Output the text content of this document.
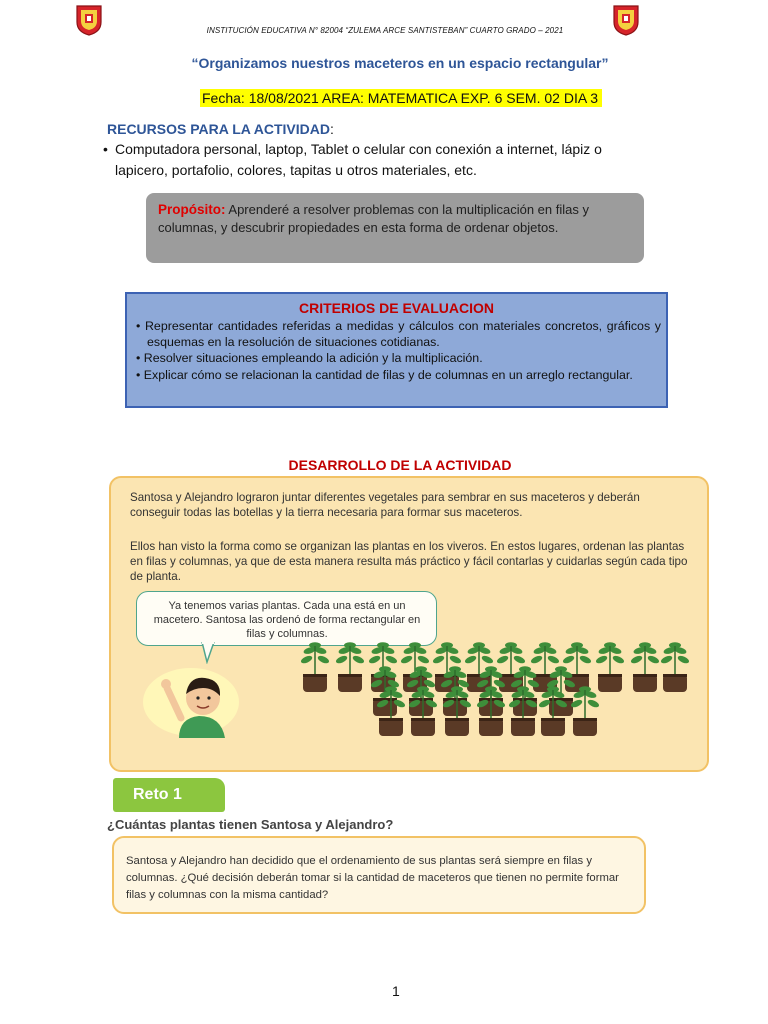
INSTITUCIÓN EDUCATIVA N° 82004 “ZULEMA ARCE SANTISTEBAN” CUARTO GRADO – 2021
“Organizamos nuestros maceteros en un espacio rectangular”
Fecha: 18/08/2021 AREA: MATEMATICA EXP. 6 SEM. 02 DIA 3
RECURSOS PARA LA ACTIVIDAD:
• Computadora personal, laptop, Tablet o celular con conexión a internet, lápiz o
lapicero, portafolio, colores, tapitas u otros materiales, etc.
Propósito: Aprenderé a resolver problemas con la multiplicación en filas y columnas, y descubrir propiedades en esta forma de ordenar objetos.
CRITERIOS DE EVALUACION
• Representar cantidades referidas a medidas y cálculos con materiales concretos, gráficos y esquemas en la resolución de situaciones cotidianas.
• Resolver situaciones empleando la adición y la multiplicación.
• Explicar cómo se relacionan la cantidad de filas y de columnas en un arreglo rectangular.
DESARROLLO DE LA ACTIVIDAD
Santosa y Alejandro lograron juntar diferentes vegetales para sembrar en sus maceteros y deberán conseguir todas las botellas y la tierra necesaria para formar sus maceteros.
Ellos han visto la forma como se organizan las plantas en los viveros. En estos lugares, ordenan las plantas en filas y columnas, ya que de esta manera resulta más práctico y fácil contarlas y cuidarlas según cada tipo de planta.
Ya tenemos varias plantas. Cada una está en un macetero. Santosa las ordenó de forma rectangular en filas y columnas.
Reto 1
¿Cuántas plantas tienen Santosa y Alejandro?
Santosa y Alejandro han decidido que el ordenamiento de sus plantas será siempre en filas y columnas. ¿Qué decisión deberán tomar si la cantidad de maceteros que tienen no permite formar filas y columnas con la misma cantidad?
1
